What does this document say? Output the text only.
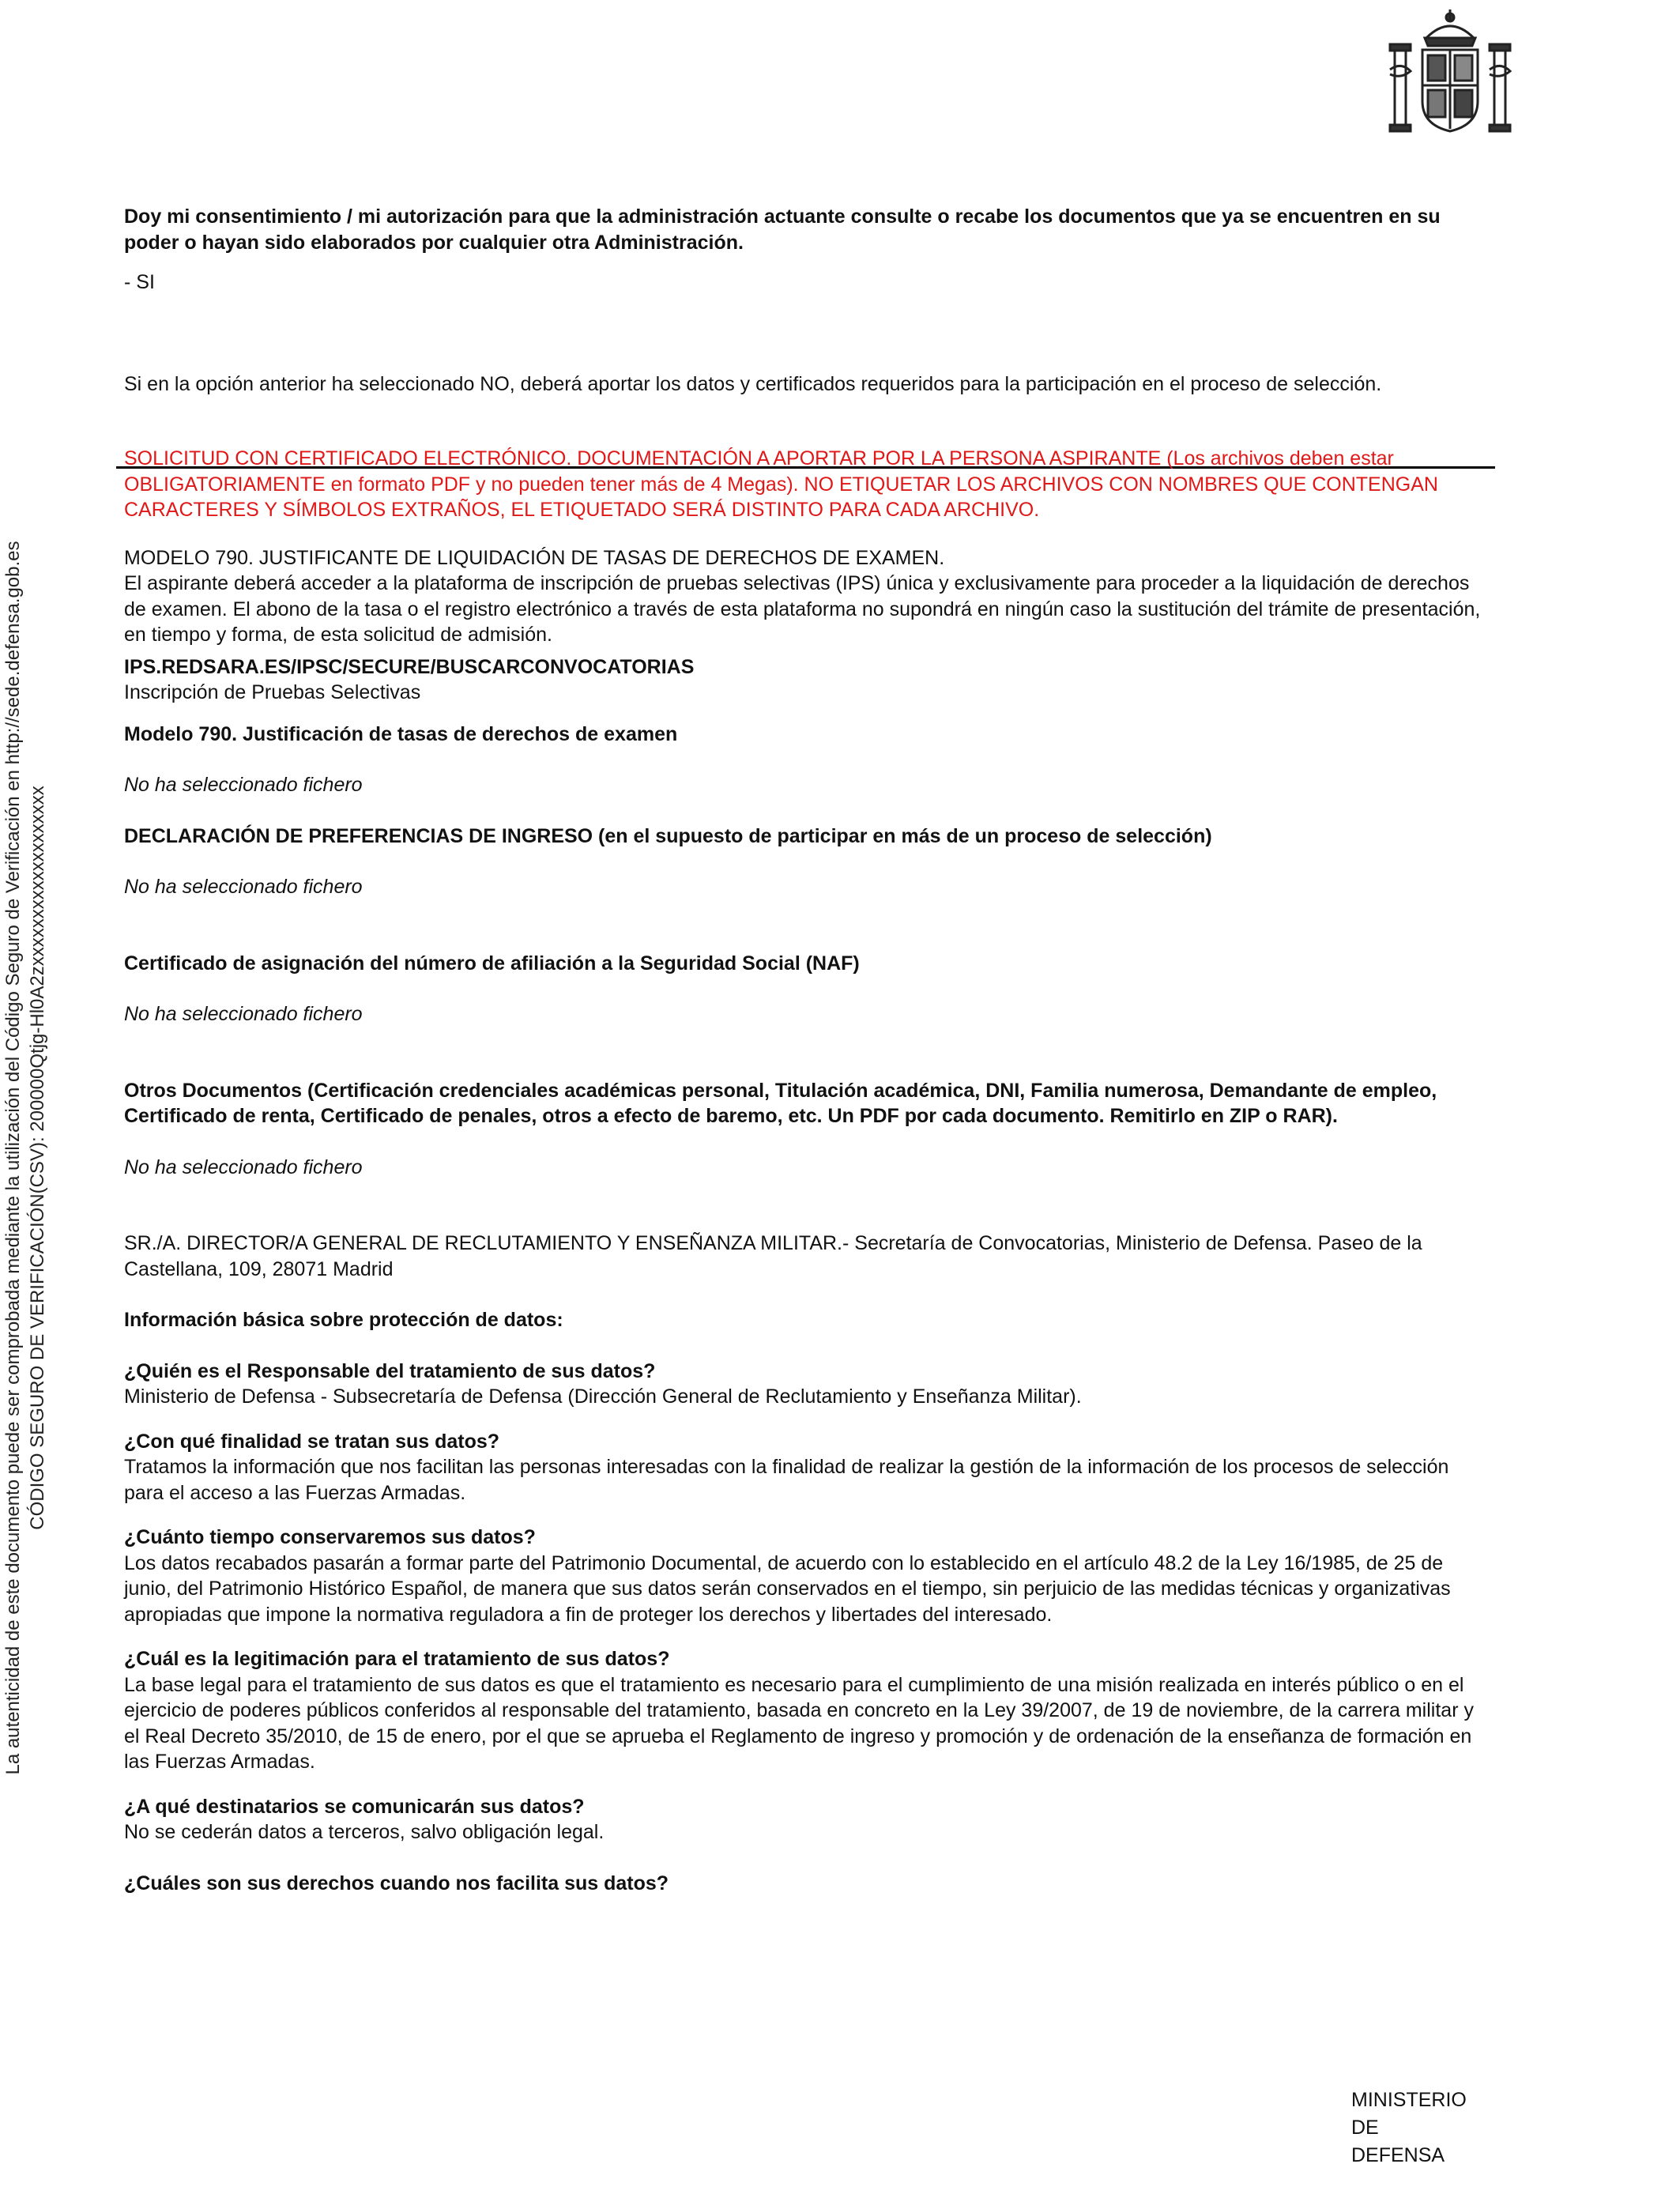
La autenticidad de este documento puede ser comprobada mediante la utilización del Código Seguro de Verificación en http://sede.defensa.gob.es CÓDIGO SEGURO DE VERIFICACIÓN(CSV): 200000Qtjg-Hl0A2zxxxxxxxxxxxxxxxxxxx

Doy mi consentimiento / mi autorización para que la administración actuante consulte o recabe los documentos que ya se encuentren en su poder o hayan sido elaborados por cualquier otra Administración.

- SI

Si en la opción anterior ha seleccionado NO, deberá aportar los datos y certificados requeridos para la participación en el proceso de selección.

SOLICITUD CON CERTIFICADO ELECTRÓNICO. DOCUMENTACIÓN A APORTAR POR LA PERSONA ASPIRANTE (Los archivos deben estar OBLIGATORIAMENTE en formato PDF y no pueden tener más de 4 Megas). NO ETIQUETAR LOS ARCHIVOS CON NOMBRES QUE CONTENGAN CARACTERES Y SÍMBOLOS EXTRAÑOS, EL ETIQUETADO SERÁ DISTINTO PARA CADA ARCHIVO.

MODELO 790. JUSTIFICANTE DE LIQUIDACIÓN DE TASAS DE DERECHOS DE EXAMEN.

El aspirante deberá acceder a la plataforma de inscripción de pruebas selectivas (IPS) única y exclusivamente para proceder a la liquidación de derechos de examen. El abono de la tasa o el registro electrónico a través de esta plataforma no supondrá en ningún caso la sustitución del trámite de presentación, en tiempo y forma, de esta solicitud de admisión.

IPS.REDSARA.ES/IPSC/SECURE/BUSCARCONVOCATORIAS

Inscripción de Pruebas Selectivas

Modelo 790. Justificación de tasas de derechos de examen

No ha seleccionado fichero

DECLARACIÓN DE PREFERENCIAS DE INGRESO (en el supuesto de participar en más de un proceso de selección)

No ha seleccionado fichero

Certificado de asignación del número de afiliación a la Seguridad Social (NAF)

No ha seleccionado fichero

Otros Documentos (Certificación credenciales académicas personal, Titulación académica, DNI, Familia numerosa, Demandante de empleo, Certificado de renta, Certificado de penales, otros a efecto de baremo, etc. Un PDF por cada documento. Remitirlo en ZIP o RAR).

No ha seleccionado fichero

SR./A. DIRECTOR/A GENERAL DE RECLUTAMIENTO Y ENSEÑANZA MILITAR.- Secretaría de Convocatorias, Ministerio de Defensa. Paseo de la Castellana, 109, 28071 Madrid

Información básica sobre protección de datos:

¿Quién es el Responsable del tratamiento de sus datos?

Ministerio de Defensa - Subsecretaría de Defensa (Dirección General de Reclutamiento y Enseñanza Militar).

¿Con qué finalidad se tratan sus datos?

Tratamos la información que nos facilitan las personas interesadas con la finalidad de realizar la gestión de la información de los procesos de selección para el acceso a las Fuerzas Armadas.

¿Cuánto tiempo conservaremos sus datos?

Los datos recabados pasarán a formar parte del Patrimonio Documental, de acuerdo con lo establecido en el artículo 48.2 de la Ley 16/1985, de 25 de junio, del Patrimonio Histórico Español, de manera que sus datos serán conservados en el tiempo, sin perjuicio de las medidas técnicas y organizativas apropiadas que impone la normativa reguladora a fin de proteger los derechos y libertades del interesado.

¿Cuál es la legitimación para el tratamiento de sus datos?

La base legal para el tratamiento de sus datos es que el tratamiento es necesario para el cumplimiento de una misión realizada en interés público o en el ejercicio de poderes públicos conferidos al responsable del tratamiento, basada en concreto en la Ley 39/2007, de 19 de noviembre, de la carrera militar y el Real Decreto 35/2010, de 15 de enero, por el que se aprueba el Reglamento de ingreso y promoción y de ordenación de la enseñanza de formación en las Fuerzas Armadas.

¿A qué destinatarios se comunicarán sus datos?

No se cederán datos a terceros, salvo obligación legal.

¿Cuáles son sus derechos cuando nos facilita sus datos?

MINISTERIO
DE
DEFENSA
